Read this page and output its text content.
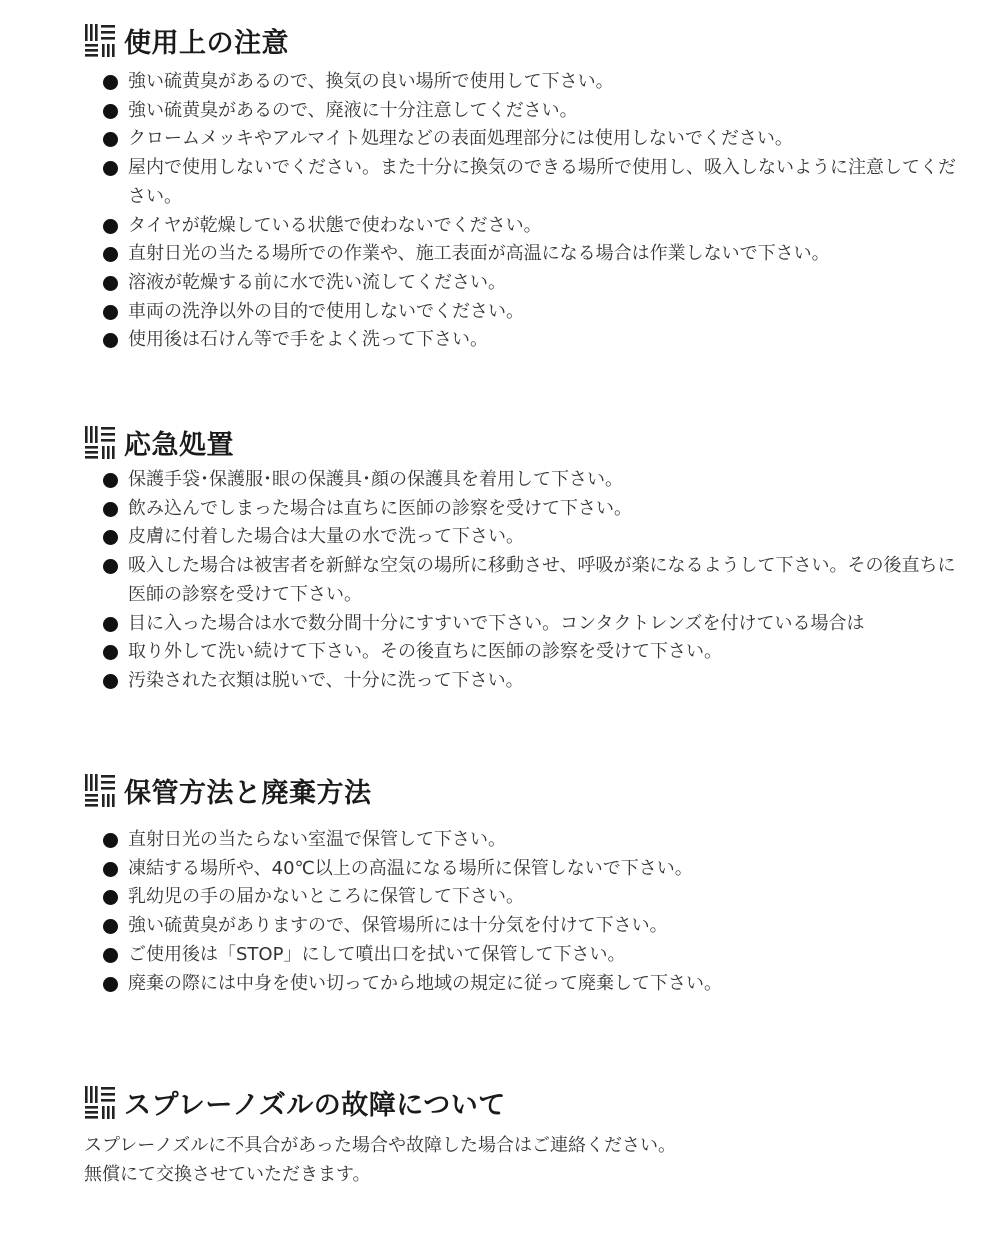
使用上の注意
強い硫黄臭があるので、換気の良い場所で使用して下さい。
強い硫黄臭があるので、廃液に十分注意してください。
クロームメッキやアルマイト処理などの表面処理部分には使用しないでください。
屋内で使用しないでください。また十分に換気のできる場所で使用し、吸入しないように注意してください。
タイヤが乾燥している状態で使わないでください。
直射日光の当たる場所での作業や、施工表面が高温になる場合は作業しないで下さい。
溶液が乾燥する前に水で洗い流してください。
車両の洗浄以外の目的で使用しないでください。
使用後は石けん等で手をよく洗って下さい。
応急処置
保護手袋･保護服･眼の保護具･顔の保護具を着用して下さい。
飲み込んでしまった場合は直ちに医師の診察を受けて下さい。
皮膚に付着した場合は大量の水で洗って下さい。
吸入した場合は被害者を新鮮な空気の場所に移動させ、呼吸が楽になるようして下さい。その後直ちに医師の診察を受けて下さい。
目に入った場合は水で数分間十分にすすいで下さい。コンタクトレンズを付けている場合は
取り外して洗い続けて下さい。その後直ちに医師の診察を受けて下さい。
汚染された衣類は脱いで、十分に洗って下さい。
保管方法と廃棄方法
直射日光の当たらない室温で保管して下さい。
凍結する場所や、40℃以上の高温になる場所に保管しないで下さい。
乳幼児の手の届かないところに保管して下さい。
強い硫黄臭がありますので、保管場所には十分気を付けて下さい。
ご使用後は「STOP」にして噴出口を拭いて保管して下さい。
廃棄の際には中身を使い切ってから地域の規定に従って廃棄して下さい。
スプレーノズルの故障について
スプレーノズルに不具合があった場合や故障した場合はご連絡ください。
無償にて交換させていただきます。
